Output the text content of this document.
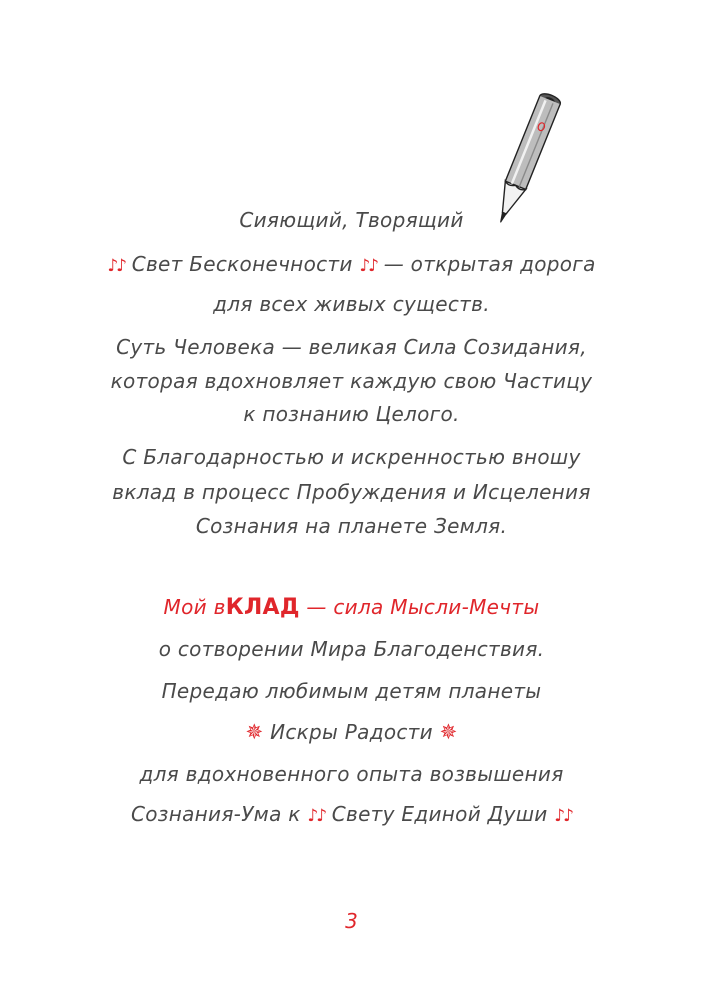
Сияющий, Творящий
♪♪ Свет Бесконечности ♪♪ — открытая дорога
для всех живых существ.
Суть Человека — великая Сила Созидания,
которая вдохновляет каждую свою Частицу
к познанию Целого.
С Благодарностью и искренностью вношу
вклад в процесс Пробуждения и Исцеления
Сознания на планете Земля.
Мой вКЛАД — сила Мысли-Мечты
о сотворении Мира Благоденствия.
Передаю любимым детям планеты
✵ Искры Радости ✵
для вдохновенного опыта возвышения
Сознания-Ума к ♪♪ Свету Единой Души ♪♪
3
